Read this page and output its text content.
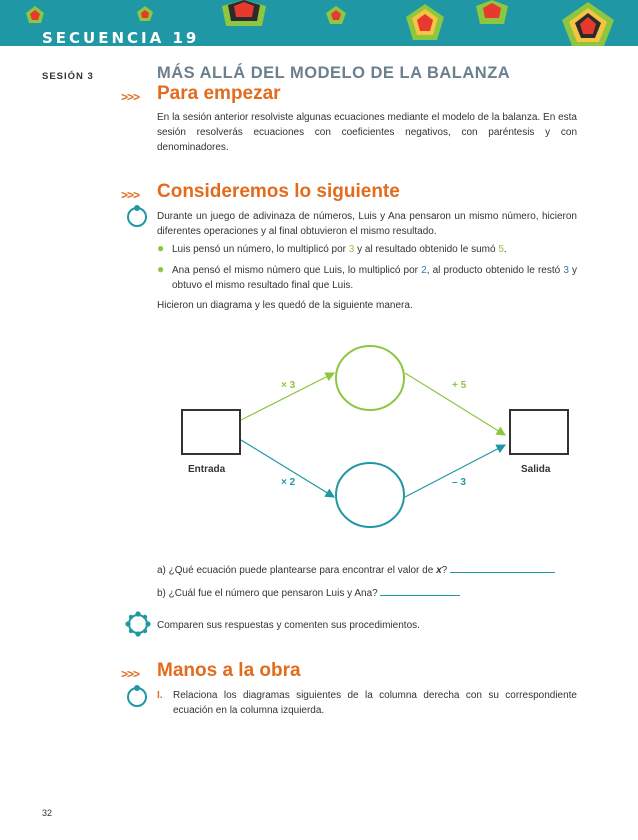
SECUENCIA 19
SESIÓN 3	MÁS ALLÁ DEL MODELO DE LA BALANZA
>>> Para empezar
En la sesión anterior resolviste algunas ecuaciones mediante el modelo de la balanza. En esta sesión resolverás ecuaciones con coeficientes negativos, con paréntesis y con denominadores.
>>> Consideremos lo siguiente
Durante un juego de adivinaza de números, Luis y Ana pensaron un mismo número, hicieron diferentes operaciones y al final obtuvieron el mismo resultado.
● Luis pensó un número, lo multiplicó por 3 y al resultado obtenido le sumó 5.
● Ana pensó el mismo número que Luis, lo multiplicó por 2, al producto obtenido le restó 3 y obtuvo el mismo resultado final que Luis.
Hicieron un diagrama y les quedó de la siguiente manera.
× 3	+ 5
× 2	– 3
Entrada	Salida
a) ¿Qué ecuación puede plantearse para encontrar el valor de x?
b) ¿Cuál fue el número que pensaron Luis y Ana?
Comparen sus respuestas y comenten sus procedimientos.
>>> Manos a la obra
I. Relaciona los diagramas siguientes de la columna derecha con su correspondiente ecuación en la columna izquierda.
32
